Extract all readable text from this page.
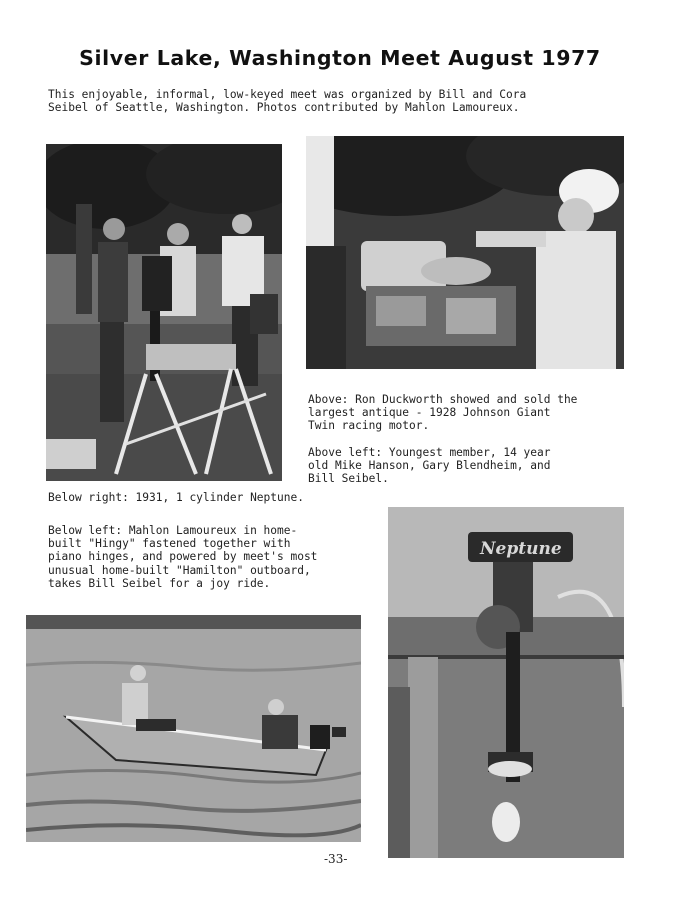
Silver Lake, Washington Meet August 1977
This enjoyable, informal, low-keyed meet was organized by Bill and Cora
Seibel of Seattle, Washington. Photos contributed by Mahlon Lamoureux.
Above: Ron Duckworth showed and sold the
largest antique - 1928 Johnson Giant
Twin racing motor.
Above left: Youngest member, 14 year
old Mike Hanson, Gary Blendheim, and
Bill Seibel.
Below right: 1931, 1 cylinder Neptune.
Below left: Mahlon Lamoureux in home-
built "Hingy" fastened together with
piano hinges, and powered by meet's most
unusual home-built "Hamilton" outboard,
takes Bill Seibel for a joy ride.
Neptune
-33-
